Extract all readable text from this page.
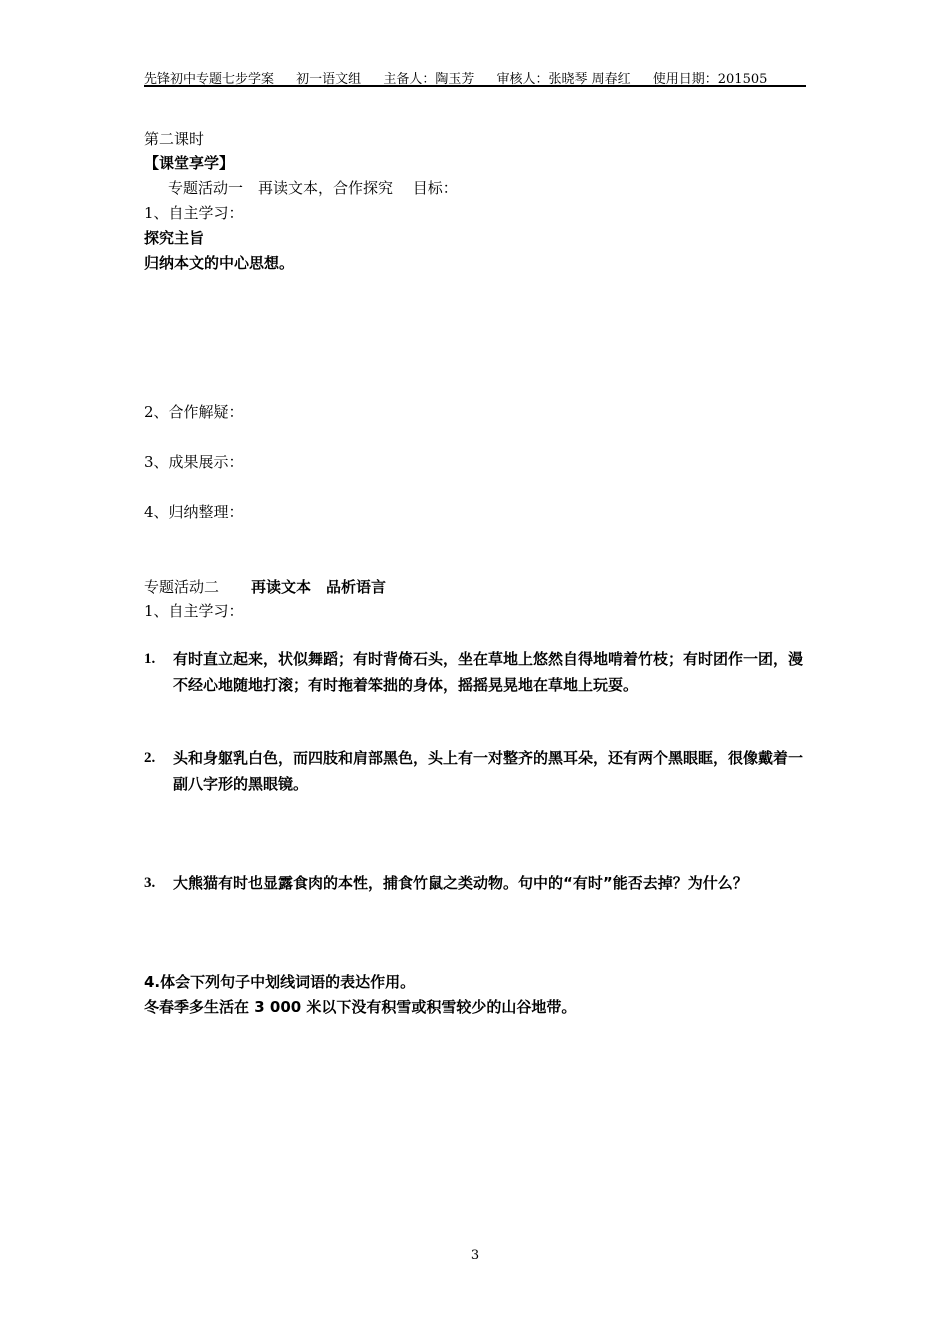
先锋初中专题七步学案 初一语文组 主备人：陶玉芳 审核人：张晓琴 周春红 使用日期：201505
第二课时
【课堂享学】
专题活动一　再读文本，合作探究　 目标：
1、自主学习：
探究主旨
归纳本文的中心思想。
2、合作解疑：
3、成果展示：
4、归纳整理：
专题活动二 再读文本　品析语言
1、自主学习：
1. 有时直立起来，状似舞蹈；有时背倚石头，坐在草地上悠然自得地啃着竹枝；有时团作一团，漫不经心地随地打滚；有时拖着笨拙的身体，摇摇晃晃地在草地上玩耍。
2. 头和身躯乳白色，而四肢和肩部黑色，头上有一对整齐的黑耳朵，还有两个黑眼眶，很像戴着一副八字形的黑眼镜。
3. 大熊猫有时也显露食肉的本性，捕食竹鼠之类动物。句中的“有时”能否去掉？为什么？
4.体会下列句子中划线词语的表达作用。
冬春季多生活在 3 000 米以下没有积雪或积雪较少的山谷地带。
3
